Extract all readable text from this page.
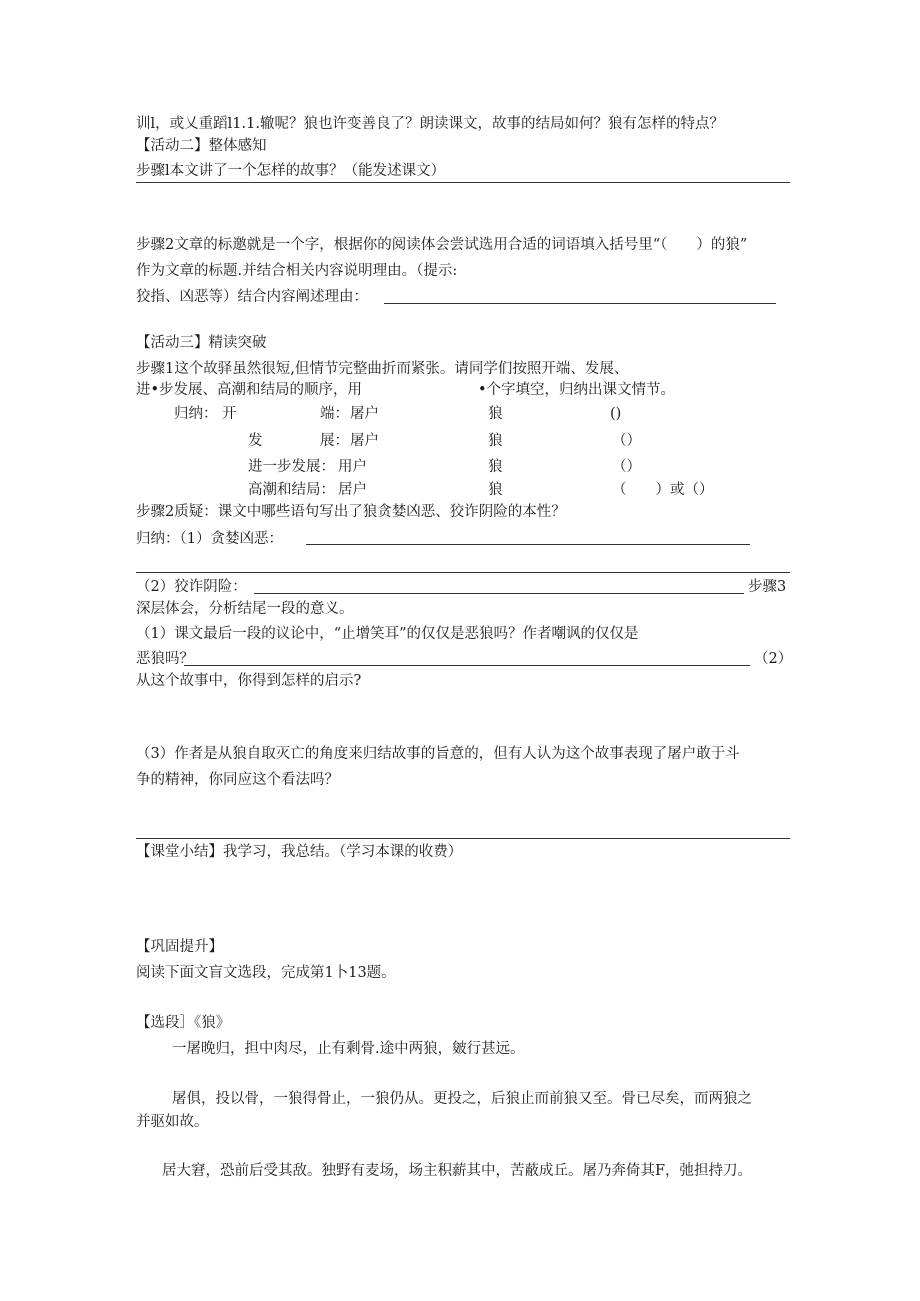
训l，或乂重蹈l1.1.辙呢？狼也许变善良了？朗读课文，故事的结局如何？狼有怎样的特点？
【活动二】整体感知
步骤l本文讲了一个怎样的故事？（能发述课文）
步骤2文章的标邀就是一个字，根据你的阅读体会尝试选用合适的词语填入括号里“（　　）的狼”
作为文章的标题.并结合相关内容说明理由。（提示:
狡指、凶恶等）结合内容阐述理由：
【活动三】精读突破
步骤1这个故驿虽然很短,但情节完整曲折而紧张。请同学们按照开端、发展、
进•步发展、高潮和结局的顺序，用	•个字填空，归纳出课文情节。
归纳： 开	端： 屠户	狼	()
发	展： 屠户	狼	（）
进一步发展： 用户	狼	（）
高潮和结局： 居户	狼	（　　）或（）
步骤2质疑：课文中哪些语句写出了狼贪婪凶恶、狡诈阴险的本性？
归纳：（1）贪婪凶恶：
（2）狡诈阴险：	步骤3
深层体会，分析结尾一段的意义。
（1）课文最后一段的议论中，“止增笑耳”的仅仅是恶狼吗？作者嘲讽的仅仅是
恶狼吗？	（2）
从这个故事中，你得到怎样的启示?
（3）作者是从狼自取灭亡的角度来归结故事的旨意的，但有人认为这个故事表现了屠户敢于斗
争的精神，你同应这个看法吗？
【课堂小结】我学习，我总结。（学习本课的收费）
【巩固提升】
阅读下面文盲文选段，完成第1卜13题。
【选段］《狼》
一屠晚归，担中肉尽，止有剩骨.途中两狼，皴行甚远。
屠俱，投以骨，一狼得骨止，一狼仍从。更投之，后狼止而前狼又至。骨已尽矣，而两狼之
并驱如故。
居大窘，恐前后受其敌。独野有麦场，场主积薪其中，苦蔽成丘。屠乃奔倚其F，弛担持刀。
